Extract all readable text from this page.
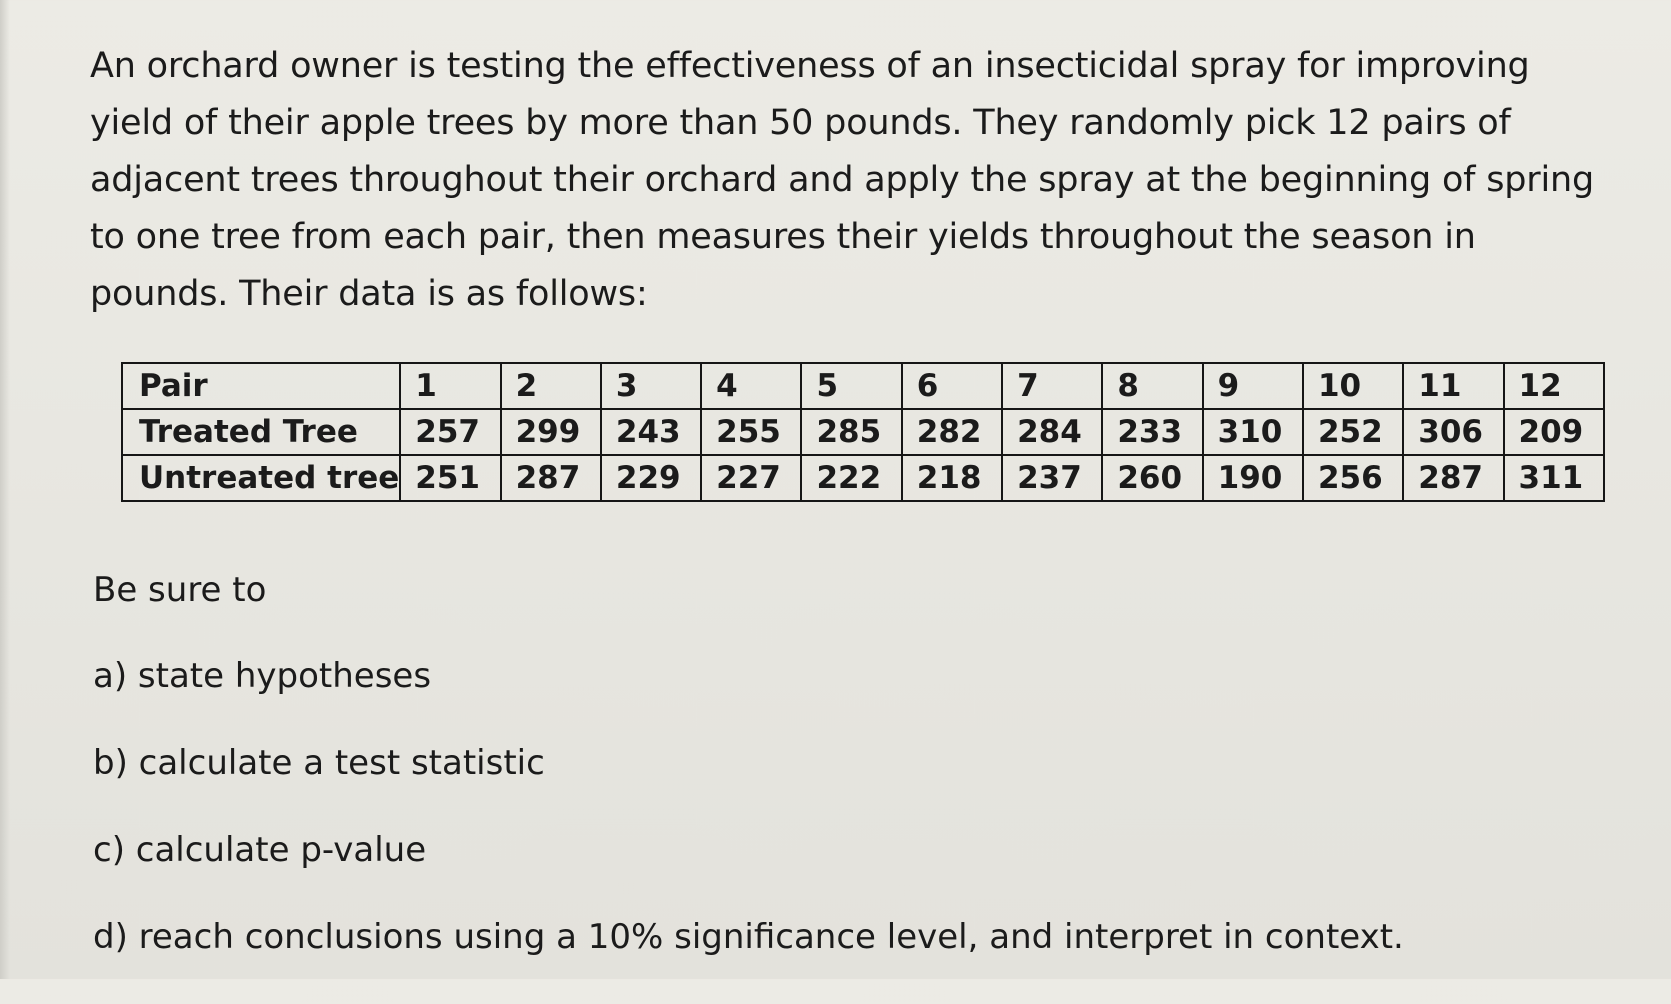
An orchard owner is testing the effectiveness of an insecticidal spray for improving yield of their apple trees by more than 50 pounds. They randomly pick 12 pairs of adjacent trees throughout their orchard and apply the spray at the beginning of spring to one tree from each pair, then measures their yields throughout the season in pounds. Their data is as follows:

Pair	1	2	3	4	5	6	7	8	9	10	11	12
Treated Tree	257	299	243	255	285	282	284	233	310	252	306	209
Untreated tree	251	287	229	227	222	218	237	260	190	256	287	311

Be sure to

a) state hypotheses
b) calculate a test statistic
c) calculate p-value
d) reach conclusions using a 10% significance level, and interpret in context.
